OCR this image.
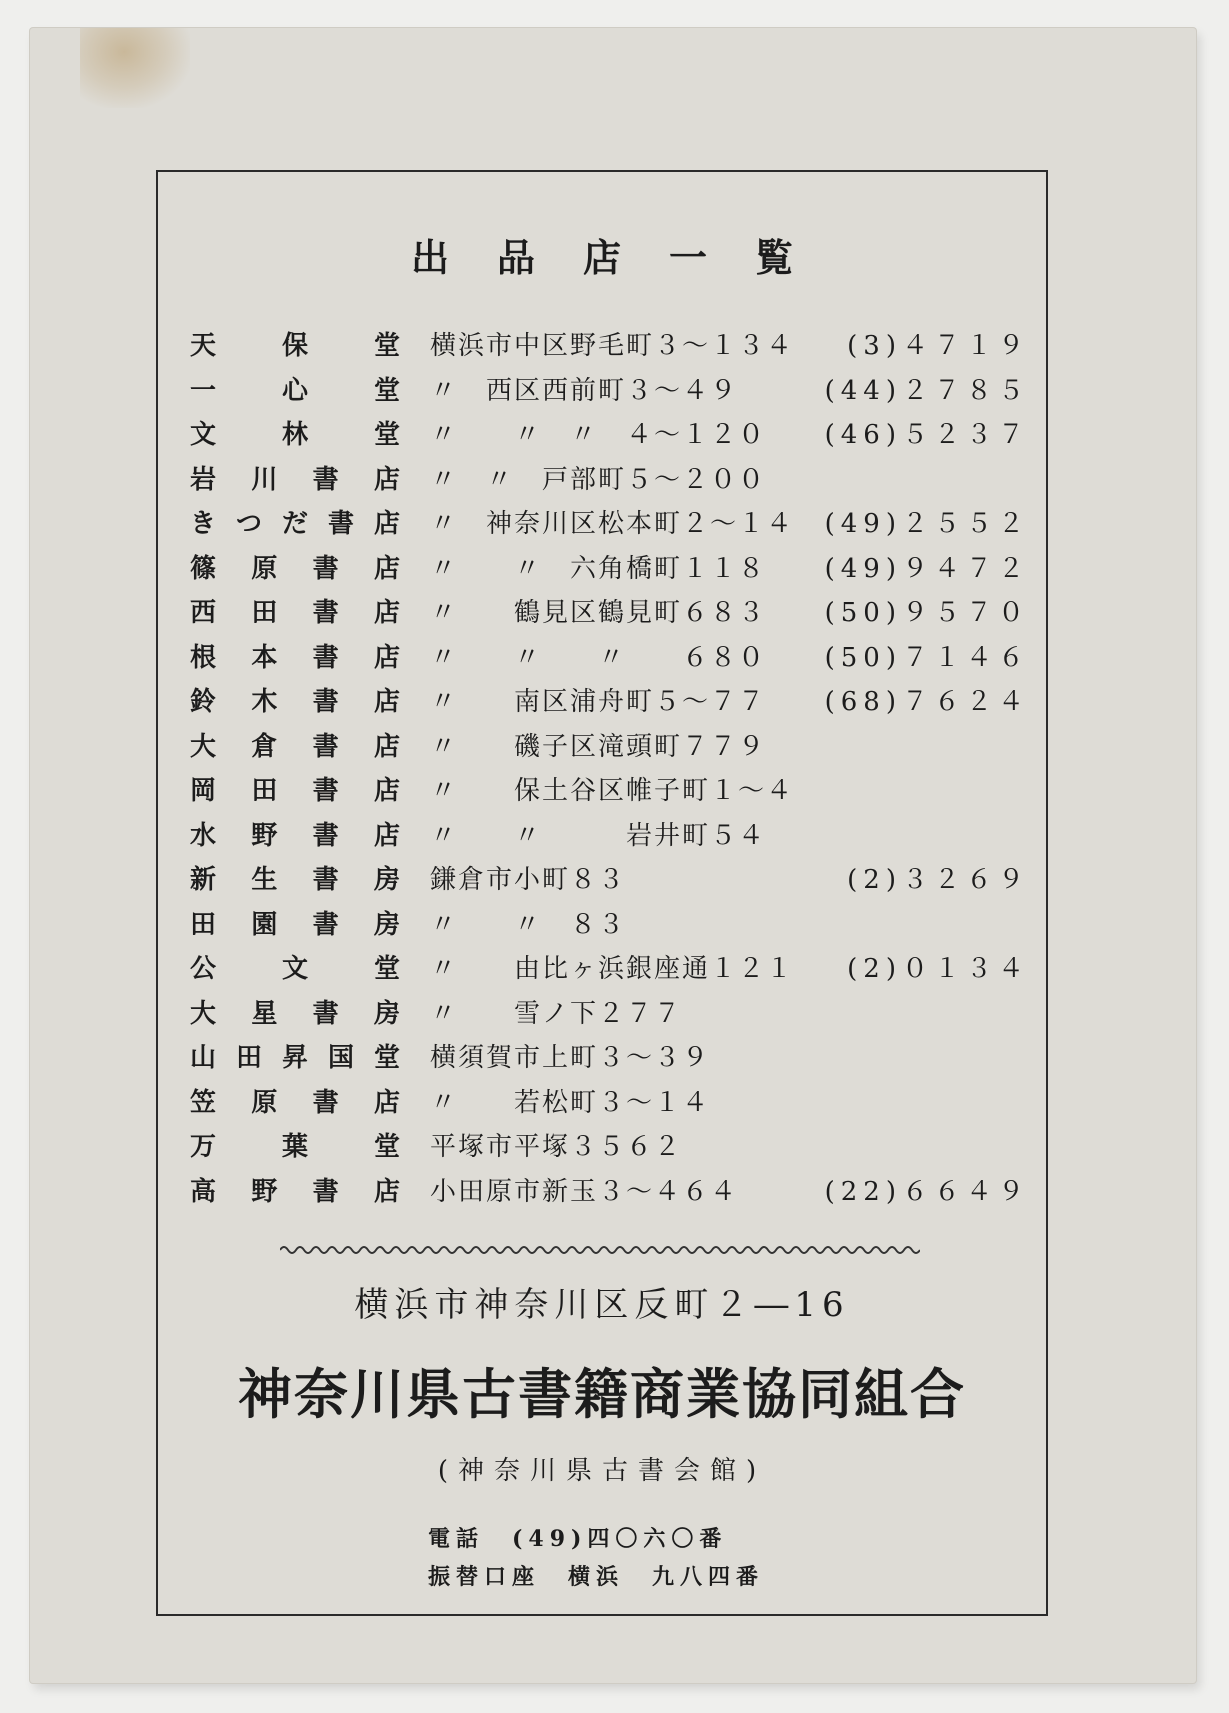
出品店一覧
天	保	堂 横浜市中区野毛町３～１３４ (3)４７１９
一	心	堂 〃　西区西前町３～４９	(44)２７８５
文	林	堂 〃　　〃　〃　４～１２０ (46)５２３７
岩 川 書 店 〃　〃　戸部町５～２００
き つ だ 書 店 〃　神奈川区松本町２～１４ (49)２５５２
篠 原 書 店 〃　　〃　六角橋町１１８ (49)９４７２
西 田 書 店 〃　　鶴見区鶴見町６８３ (50)９５７０
根 本 書 店 〃　　〃　　〃　　６８０ (50)７１４６
鈴 木 書 店 〃　　南区浦舟町５～７７ (68)７６２４
大 倉 書 店 〃　　磯子区滝頭町７７９
岡 田 書 店 〃　　保土谷区帷子町１～４
水 野 書 店 〃　　〃　　　岩井町５４
新 生 書 房 鎌倉市小町８３	(2)３２６９
田 園 書 房 〃　　〃　８３
公	文	堂 〃　　由比ヶ浜銀座通１２１ (2)０１３４
大 星 書 房 〃　　雪ノ下２７７
山 田 昇 国 堂 横須賀市上町３～３９
笠 原 書 店 〃　　若松町３～１４
万	葉	堂 平塚市平塚３５６２
高 野 書 店 小田原市新玉３～４６４	(22)６６４９
横浜市神奈川区反町２―16
神奈川県古書籍商業協同組合
(神奈川県古書会館)
電話　(49)四〇六〇番
振替口座　横浜　九八四番
